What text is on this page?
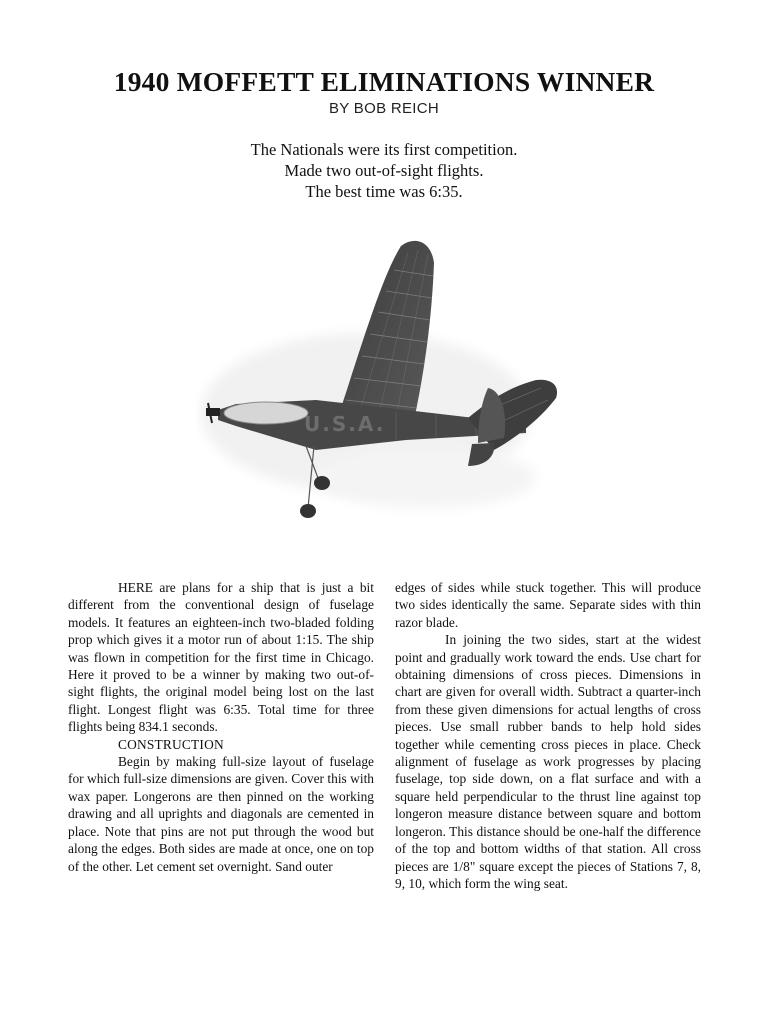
1940 MOFFETT ELIMINATIONS WINNER
BY BOB REICH
The Nationals were its first competition.
Made two out-of-sight flights.
The best time was 6:35.
U.S.A.

HERE are plans for a ship that is just a bit different from the conventional design of fuselage models. It features an eighteen-inch two-bladed folding prop which gives it a motor run of about 1:15. The ship was flown in competition for the first time in Chicago. Here it proved to be a winner by making two out-of-sight flights, the original model being lost on the last flight. Longest flight was 6:35. Total time for three flights being 834.1 seconds.

CONSTRUCTION

Begin by making full-size layout of fuselage for which full-size dimensions are given. Cover this with wax paper. Longerons are then pinned on the working drawing and all uprights and diagonals are cemented in place. Note that pins are not put through the wood but along the edges. Both sides are made at once, one on top of the other. Let cement set overnight. Sand outer

edges of sides while stuck together. This will produce two sides identically the same. Separate sides with thin razor blade.

In joining the two sides, start at the widest point and gradually work toward the ends. Use chart for obtaining dimensions of cross pieces. Dimensions in chart are given for overall width. Subtract a quarter-inch from these given dimensions for actual lengths of cross pieces. Use small rubber bands to help hold sides together while cementing cross pieces in place. Check alignment of fuselage as work progresses by placing fuselage, top side down, on a flat surface and with a square held perpendicular to the thrust line against top longeron measure distance between square and bottom longeron. This distance should be one-half the difference of the top and bottom widths of that station. All cross pieces are 1/8" square except the pieces of Stations 7, 8, 9, 10, which form the wing seat.
